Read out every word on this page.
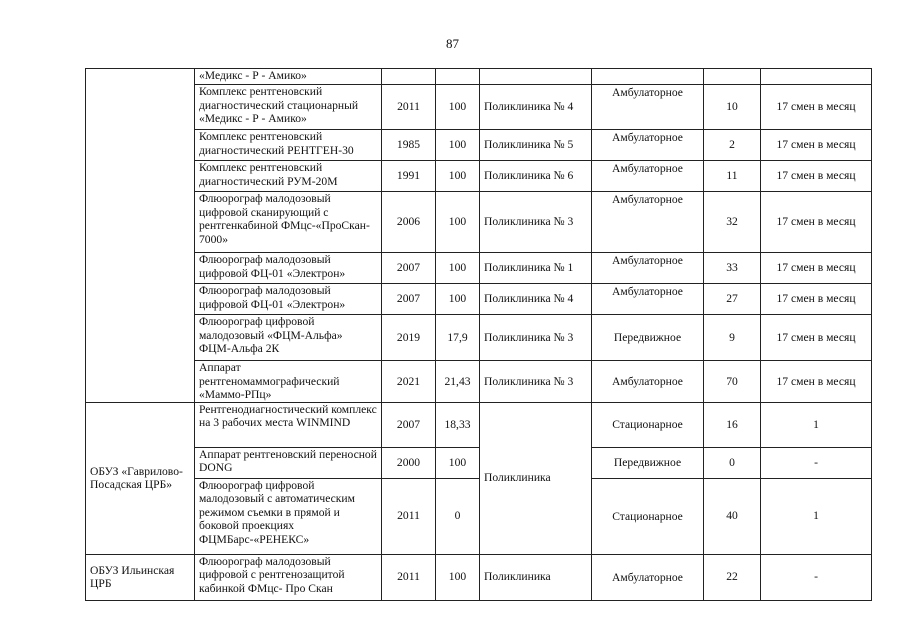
87
	«Медикс - Р - Амико»						
	Комплекс рентгеновский диагностический стационарный «Медикс - Р - Амико»	2011	100	Поликлиника № 4	Амбулаторное	10	17 смен в месяц
	Комплекс рентгеновский диагностический РЕНТГЕН-30	1985	100	Поликлиника № 5	Амбулаторное	2	17 смен в месяц
	Комплекс рентгеновский диагностический РУМ-20М	1991	100	Поликлиника № 6	Амбулаторное	11	17 смен в месяц
	Флюорограф малодозовый цифровой сканирующий с рентгенкабиной ФМцс-«ПроСкан- 7000»	2006	100	Поликлиника № 3	Амбулаторное	32	17 смен в месяц
	Флюорограф малодозовый цифровой ФЦ-01 «Электрон»	2007	100	Поликлиника № 1	Амбулаторное	33	17 смен в месяц
	Флюорограф малодозовый цифровой ФЦ-01 «Электрон»	2007	100	Поликлиника № 4	Амбулаторное	27	17 смен в месяц
	Флюорограф цифровой малодозовый «ФЦМ-Альфа» ФЦМ-Альфа 2К	2019	17,9	Поликлиника № 3	Передвижное	9	17 смен в месяц
	Аппарат рентгеномаммографический «Маммо-РПц»	2021	21,43	Поликлиника № 3	Амбулаторное	70	17 смен в месяц
ОБУЗ «Гаврилово-Посадская ЦРБ»	Рентгенодиагностический комплекс на 3 рабочих места WINMIND	2007	18,33	Поликлиника	Стационарное	16	1
	Аппарат рентгеновский переносной DONG	2000	100		Передвижное	0	-
	Флюорограф цифровой малодозовый с автоматическим режимом съемки в прямой и боковой проекциях ФЦМБарс-«РЕНЕКС»	2011	0		Стационарное	40	1
ОБУЗ Ильинская ЦРБ	Флюорограф малодозовый цифровой с рентгенозащитой кабинкой ФМцс- Про Скан	2011	100	Поликлиника	Амбулаторное	22	-
